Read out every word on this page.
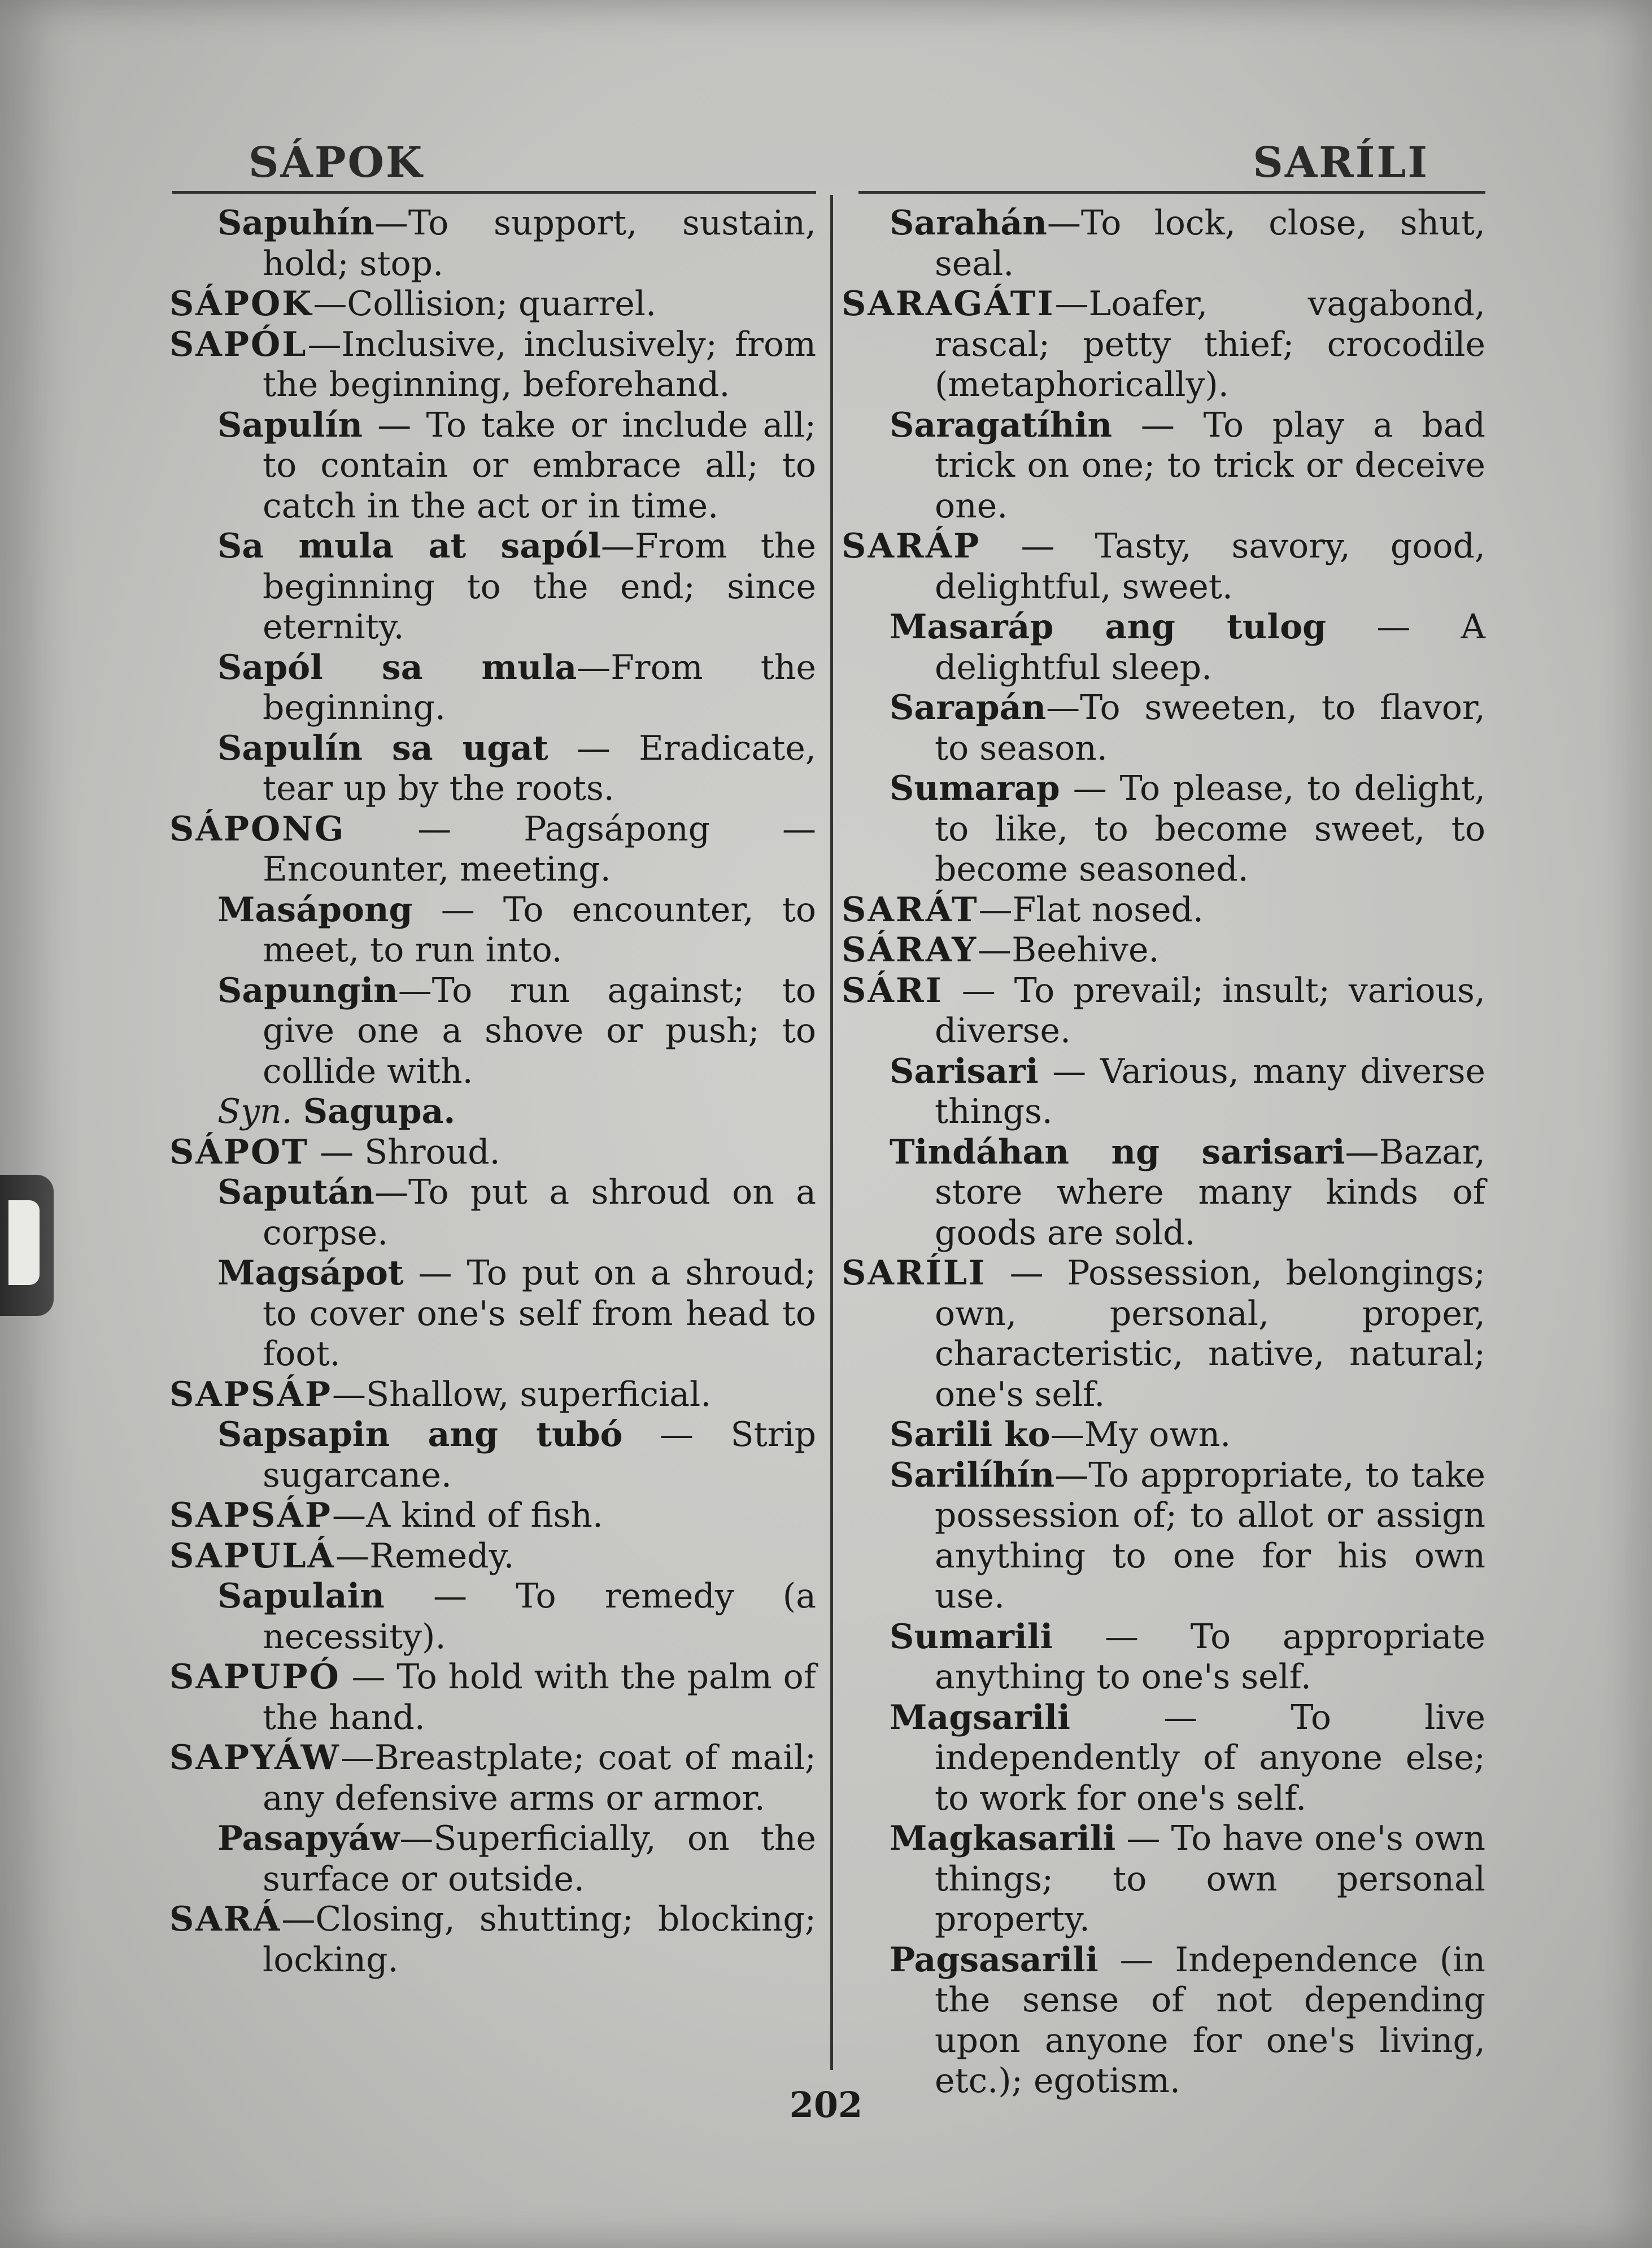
SÁPOK	SARÍLI

Sapuhín—To support, sustain, hold; stop.

SÁPOK—Collision; quarrel.

SAPÓL—Inclusive, inclusively; from the beginning, beforehand.

Sapulín — To take or include all; to contain or embrace all; to catch in the act or in time.

Sa mula at sapól—From the beginning to the end; since eternity.

Sapól sa mula—From the beginning.

Sapulín sa ugat — Eradicate, tear up by the roots.

SÁPONG — Pagsápong — Encounter, meeting.

Masápong — To encounter, to meet, to run into.

Sapungin—To run against; to give one a shove or push; to collide with.

Syn. Sagupa.

SÁPOT — Shroud.

Sapután—To put a shroud on a corpse.

Magsápot — To put on a shroud; to cover one's self from head to foot.

SAPSÁP—Shallow, superficial.

Sapsapin ang tubó — Strip sugarcane.

SAPSÁP—A kind of fish.

SAPULÁ—Remedy.

Sapulain — To remedy (a necessity).

SAPUPÓ — To hold with the palm of the hand.

SAPYÁW—Breastplate; coat of mail; any defensive arms or armor.

Pasapyáw—Superficially, on the surface or outside.

SARÁ—Closing, shutting; blocking; locking.

Sarahán—To lock, close, shut, seal.

SARAGÁTI—Loafer, vagabond, rascal; petty thief; crocodile (metaphorically).

Saragatíhin — To play a bad trick on one; to trick or deceive one.

SARÁP — Tasty, savory, good, delightful, sweet.

Masaráp ang tulog — A delightful sleep.

Sarapán—To sweeten, to flavor, to season.

Sumarap — To please, to delight, to like, to become sweet, to become seasoned.

SARÁT—Flat nosed.

SÁRAY—Beehive.

SÁRI — To prevail; insult; various, diverse.

Sarisari — Various, many diverse things.

Tindáhan ng sarisari—Bazar, store where many kinds of goods are sold.

SARÍLI — Possession, belongings; own, personal, proper, characteristic, native, natural; one's self.

Sarili ko—My own.

Sarilíhín—To appropriate, to take possession of; to allot or assign anything to one for his own use.

Sumarili — To appropriate anything to one's self.

Magsarili — To live independently of anyone else; to work for one's self.

Magkasarili — To have one's own things; to own personal property.

Pagsasarili — Independence (in the sense of not depending upon anyone for one's living, etc.); egotism.

202
